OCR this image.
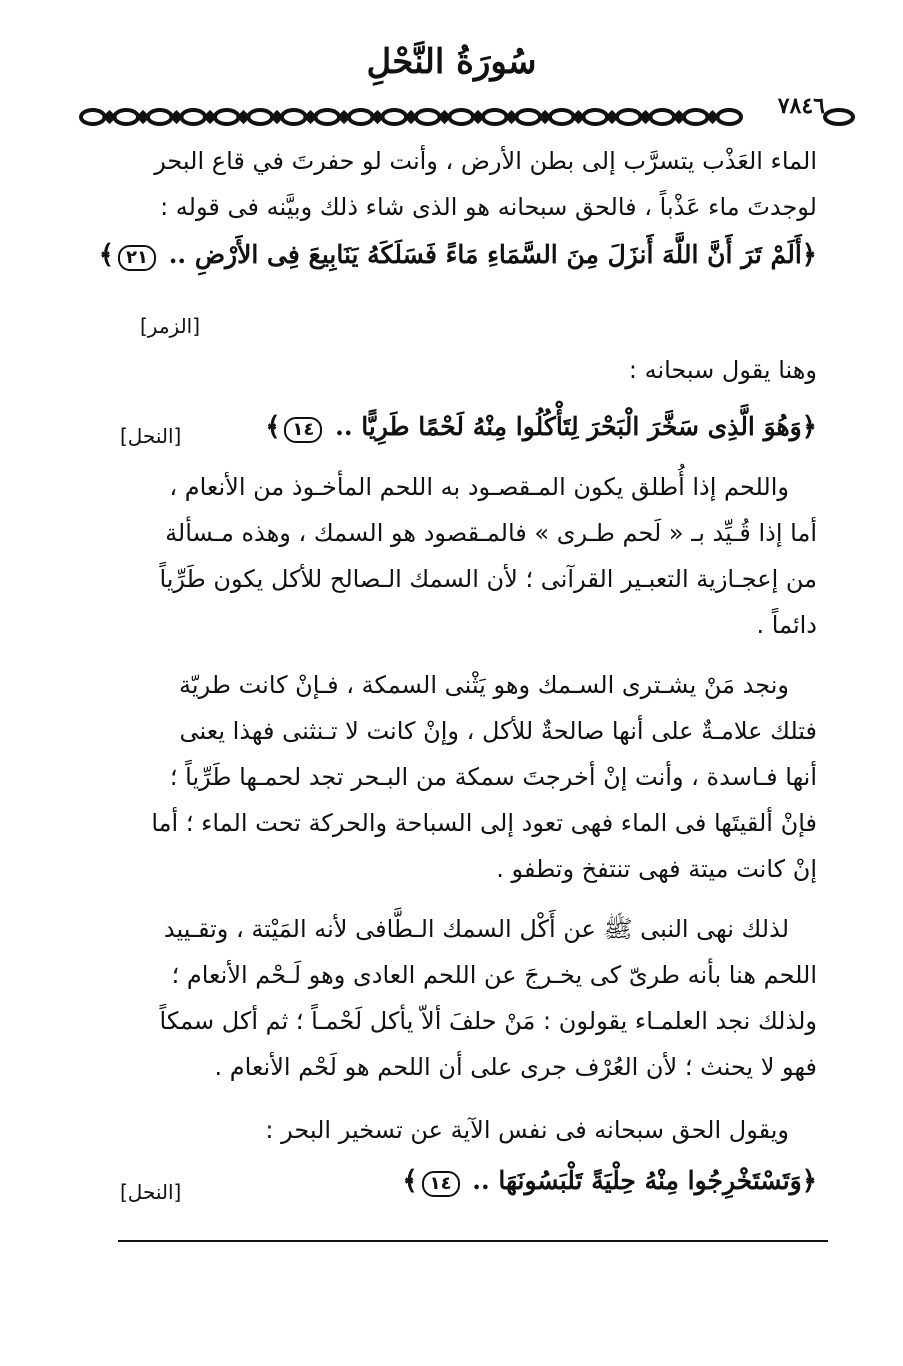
سُورَةُ النَّحْلِ
٧٨٤٦

الماء العَذْب يتسرَّب إلى بطن الأرض ، وأنت لو حفرتَ في قاع البحر

لوجدتَ ماء عَذْباً ، فالحق سبحانه هو الذى شاء ذلك وبيَّنه فى قوله :

﴿أَلَمْ تَرَ أَنَّ اللَّهَ أَنزَلَ مِنَ السَّمَاءِ مَاءً فَسَلَكَهُ يَنَابِيعَ فِى الأَرْضِ .. ٢١﴾
[الزمر]
وهنا يقول سبحانه :
﴿وَهُوَ الَّذِى سَخَّرَ الْبَحْرَ لِتَأْكُلُوا مِنْهُ لَحْمًا طَرِيًّا .. ١٤﴾
[النحل]

واللحم إذا أُطلق يكون المـقصـود به اللحم المأخـوذ من الأنعام ،

أما إذا قُـيِّد بـ « لَحم طـرى » فالمـقصود هو السمك ، وهذه مـسألة

من إعجـازية التعبـير القرآنى ؛ لأن السمك الـصالح للأكل يكون طَرِّياً

دائماً .

ونجد مَنْ يشـترى السـمك وهو يَثْنى السمكة ، فـإنْ كانت طريّة

فتلك علامـةٌ على أنها صالحةٌ للأكل ، وإنْ كانت لا تـنثنى فهذا يعنى

أنها فـاسدة ، وأنت إنْ أخرجتَ سمكة من البـحر تجد لحمـها طَرِّياً ؛

فإنْ ألقيتَها فى الماء فهى تعود إلى السباحة والحركة تحت الماء ؛ أما

إنْ كانت ميتة فهى تنتفخ وتطفو .

لذلك نهى النبى ﷺ عن أَكْل السمك الـطَّافى لأنه المَيْتة ، وتقـييد

اللحم هنا بأنه طرىّ كى يخـرجَ عن اللحم العادى وهو لَـحْم الأنعام ؛

ولذلك نجد العلمـاء يقولون : مَنْ حلفَ ألاّ يأكل لَحْمـاً ؛ ثم أكل سمكاً

فهو لا يحنث ؛ لأن العُرْف جرى على أن اللحم هو لَحْم الأنعام .

ويقول الحق سبحانه فى نفس الآية عن تسخير البحر :
﴿وَتَسْتَخْرِجُوا مِنْهُ حِلْيَةً تَلْبَسُونَهَا .. ١٤﴾
[النحل]
